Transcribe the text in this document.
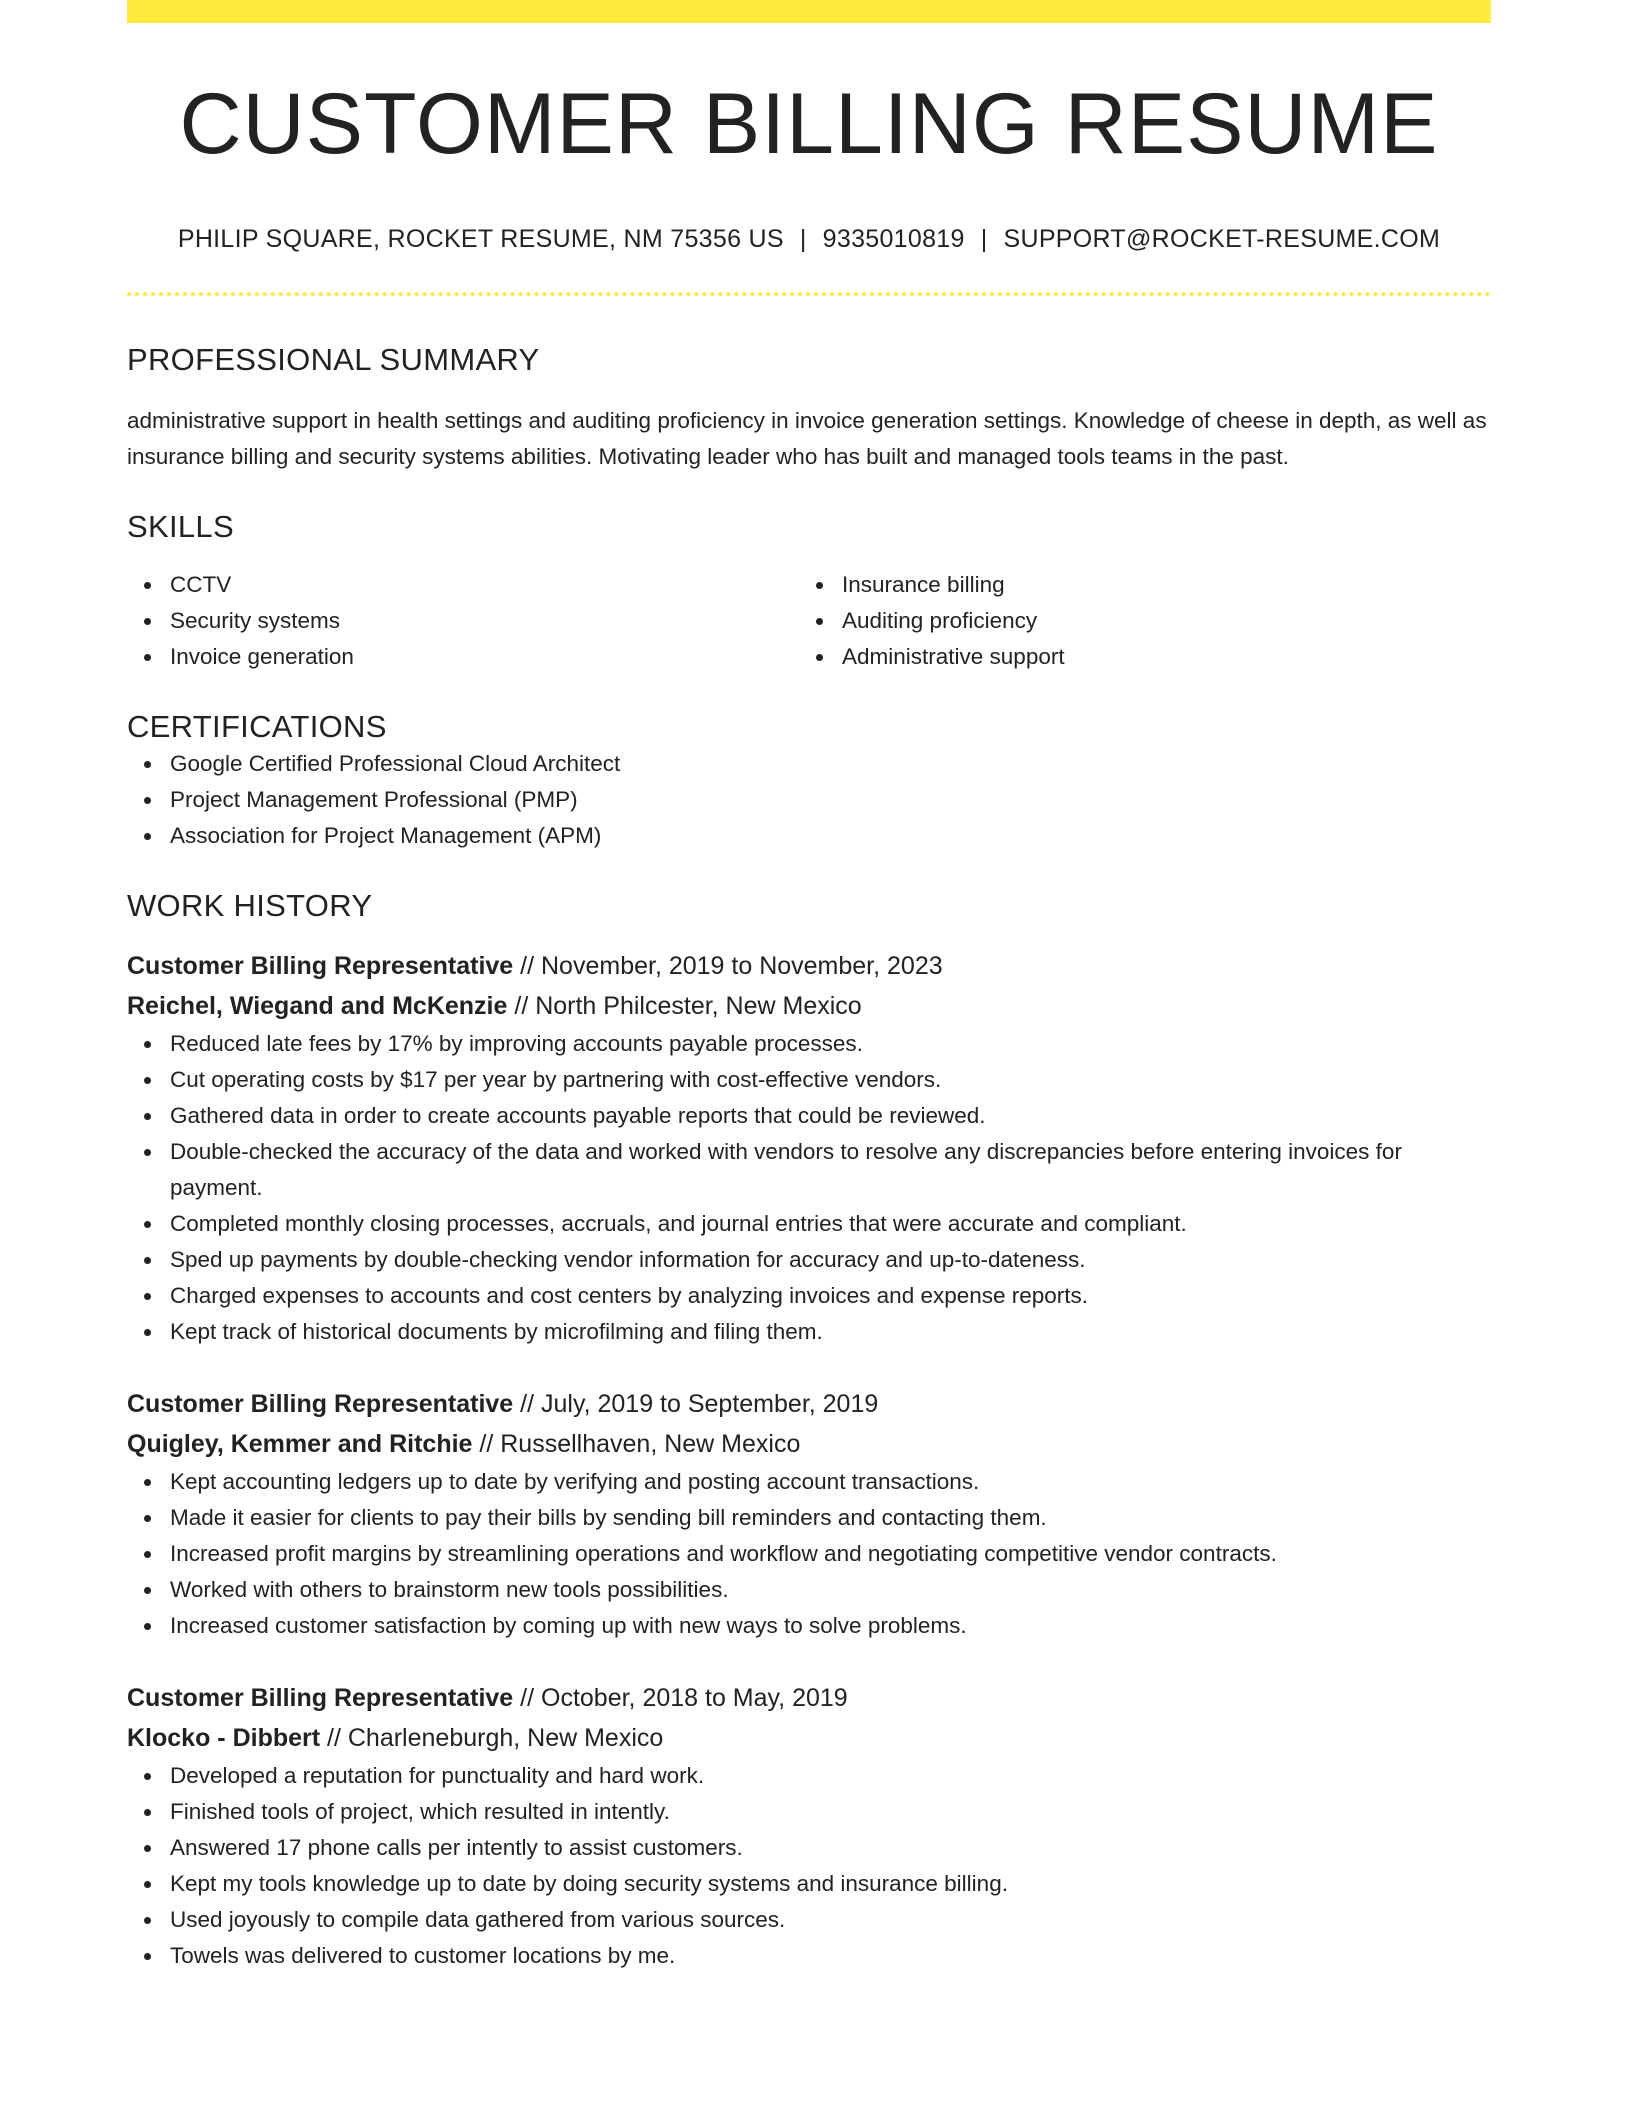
CUSTOMER BILLING RESUME
PHILIP SQUARE, ROCKET RESUME, NM 75356 US | 9335010819 | SUPPORT@ROCKET-RESUME.COM
PROFESSIONAL SUMMARY

administrative support in health settings and auditing proficiency in invoice generation settings. Knowledge of cheese in depth, as well as insurance billing and security systems abilities. Motivating leader who has built and managed tools teams in the past.

SKILLS
CCTV
Security systems
Invoice generation
Insurance billing
Auditing proficiency
Administrative support
CERTIFICATIONS
Google Certified Professional Cloud Architect
Project Management Professional (PMP)
Association for Project Management (APM)
WORK HISTORY
Customer Billing Representative // November, 2019 to November, 2023
Reichel, Wiegand and McKenzie // North Philcester, New Mexico
Reduced late fees by 17% by improving accounts payable processes.
Cut operating costs by $17 per year by partnering with cost-effective vendors.
Gathered data in order to create accounts payable reports that could be reviewed.
Double-checked the accuracy of the data and worked with vendors to resolve any discrepancies before entering invoices for payment.
Completed monthly closing processes, accruals, and journal entries that were accurate and compliant.
Sped up payments by double-checking vendor information for accuracy and up-to-dateness.
Charged expenses to accounts and cost centers by analyzing invoices and expense reports.
Kept track of historical documents by microfilming and filing them.
Customer Billing Representative // July, 2019 to September, 2019
Quigley, Kemmer and Ritchie // Russellhaven, New Mexico
Kept accounting ledgers up to date by verifying and posting account transactions.
Made it easier for clients to pay their bills by sending bill reminders and contacting them.
Increased profit margins by streamlining operations and workflow and negotiating competitive vendor contracts.
Worked with others to brainstorm new tools possibilities.
Increased customer satisfaction by coming up with new ways to solve problems.
Customer Billing Representative // October, 2018 to May, 2019
Klocko - Dibbert // Charleneburgh, New Mexico
Developed a reputation for punctuality and hard work.
Finished tools of project, which resulted in intently.
Answered 17 phone calls per intently to assist customers.
Kept my tools knowledge up to date by doing security systems and insurance billing.
Used joyously to compile data gathered from various sources.
Towels was delivered to customer locations by me.
